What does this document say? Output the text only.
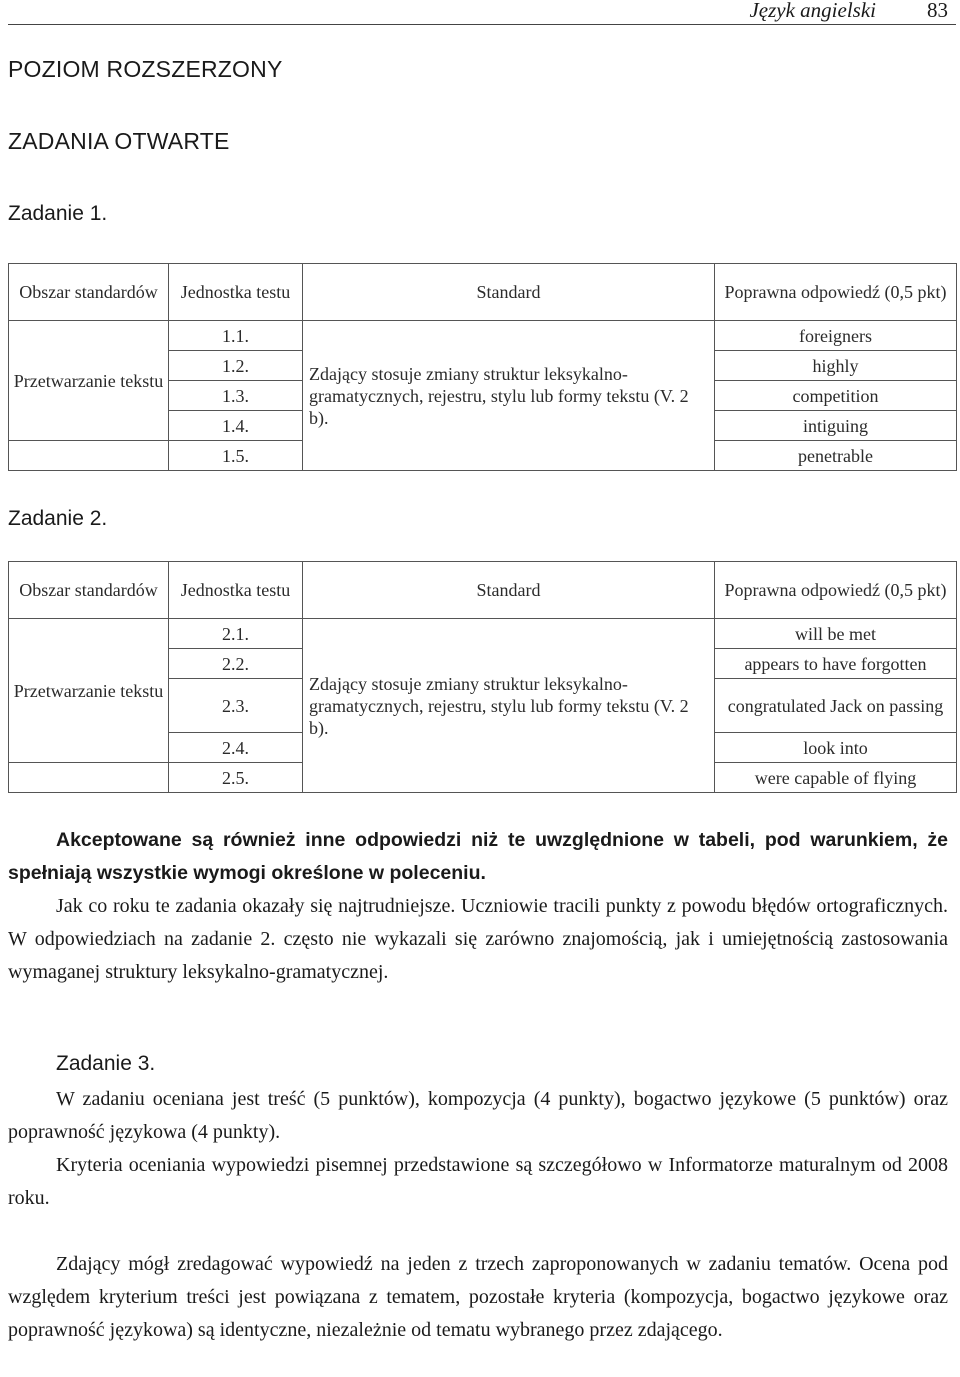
Język angielski 83
POZIOM ROZSZERZONY
ZADANIA OTWARTE
Zadanie 1.
Obszar standardów	Jednostka testu	Standard	Poprawna odpowiedź (0,5 pkt)
Przetwarzanie tekstu	1.1.	Zdający stosuje zmiany struktur leksykalno-gramatycznych, rejestru, stylu lub formy tekstu (V. 2 b).	foreigners
	1.2.		highly
	1.3.		competition
	1.4.		intiguing
	1.5.		penetrable
Zadanie 2.
Obszar standardów	Jednostka testu	Standard	Poprawna odpowiedź (0,5 pkt)
Przetwarzanie tekstu	2.1.	Zdający stosuje zmiany struktur leksykalno-gramatycznych, rejestru, stylu lub formy tekstu (V. 2 b).	will be met
	2.2.		appears to have forgotten
	2.3.		congratulated Jack on passing
	2.4.		look into
	2.5.		were capable of flying

Akceptowane są również inne odpowiedzi niż te uwzględnione w tabeli, pod warunkiem, że spełniają wszystkie wymogi określone w poleceniu.

Jak co roku te zadania okazały się najtrudniejsze. Uczniowie tracili punkty z powodu błędów ortograficznych. W odpowiedziach na zadanie 2. często nie wykazali się zarówno znajomością, jak i umiejętnością zastosowania wymaganej struktury leksykalno-gramatycznej.

Zadanie 3.

W zadaniu oceniana jest treść (5 punktów), kompozycja (4 punkty), bogactwo językowe (5 punktów) oraz poprawność językowa (4 punkty).

Kryteria oceniania wypowiedzi pisemnej przedstawione są szczegółowo w Informatorze maturalnym od 2008 roku.

Zdający mógł zredagować wypowiedź na jeden z trzech zaproponowanych w zadaniu tematów. Ocena pod względem kryterium treści jest powiązana z tematem, pozostałe kryteria (kompozycja, bogactwo językowe oraz poprawność językowa) są identyczne, niezależnie od tematu wybranego przez zdającego.
